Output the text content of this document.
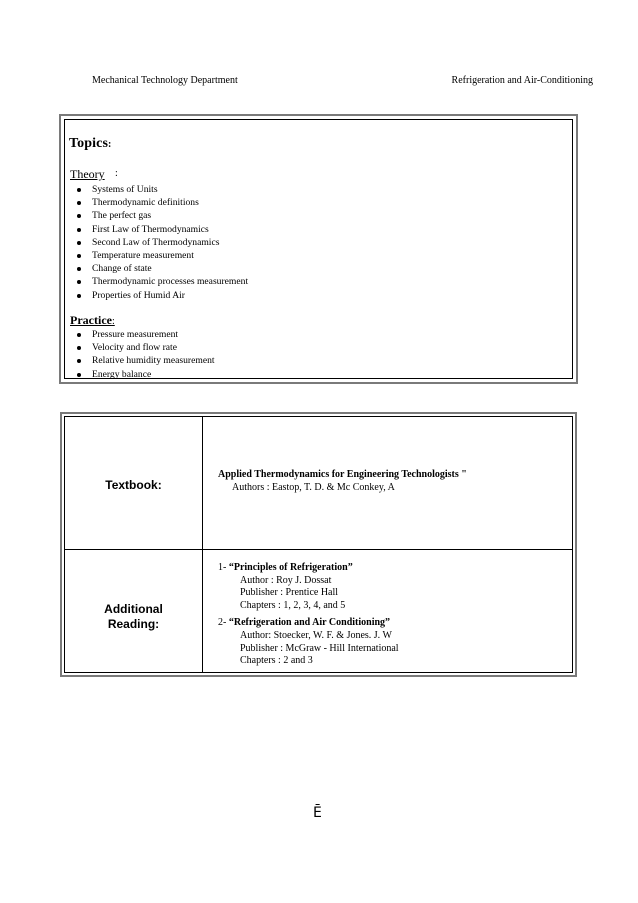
Mechanical Technology Department	Refrigeration and Air-Conditioning
Topics:
Theory :
Systems of Units
Thermodynamic definitions
The perfect gas
First Law of Thermodynamics
Second Law of Thermodynamics
Temperature measurement
Change of state
Thermodynamic processes measurement
Properties of Humid Air
Practice:
Pressure measurement
Velocity and flow rate
Relative humidity measurement
Energy balance
Textbook:
Applied Thermodynamics for Engineering Technologists "
Authors : Eastop, T. D. & Mc Conkey, A
Additional
Reading:
1- “Principles of Refrigeration”
Author : Roy J. Dossat
Publisher : Prentice Hall
Chapters : 1, 2, 3, 4, and 5
2- “Refrigeration and Air Conditioning”
Author: Stoecker, W. F. & Jones. J. W
Publisher : McGraw - Hill International
Chapters : 2 and 3
Ē
